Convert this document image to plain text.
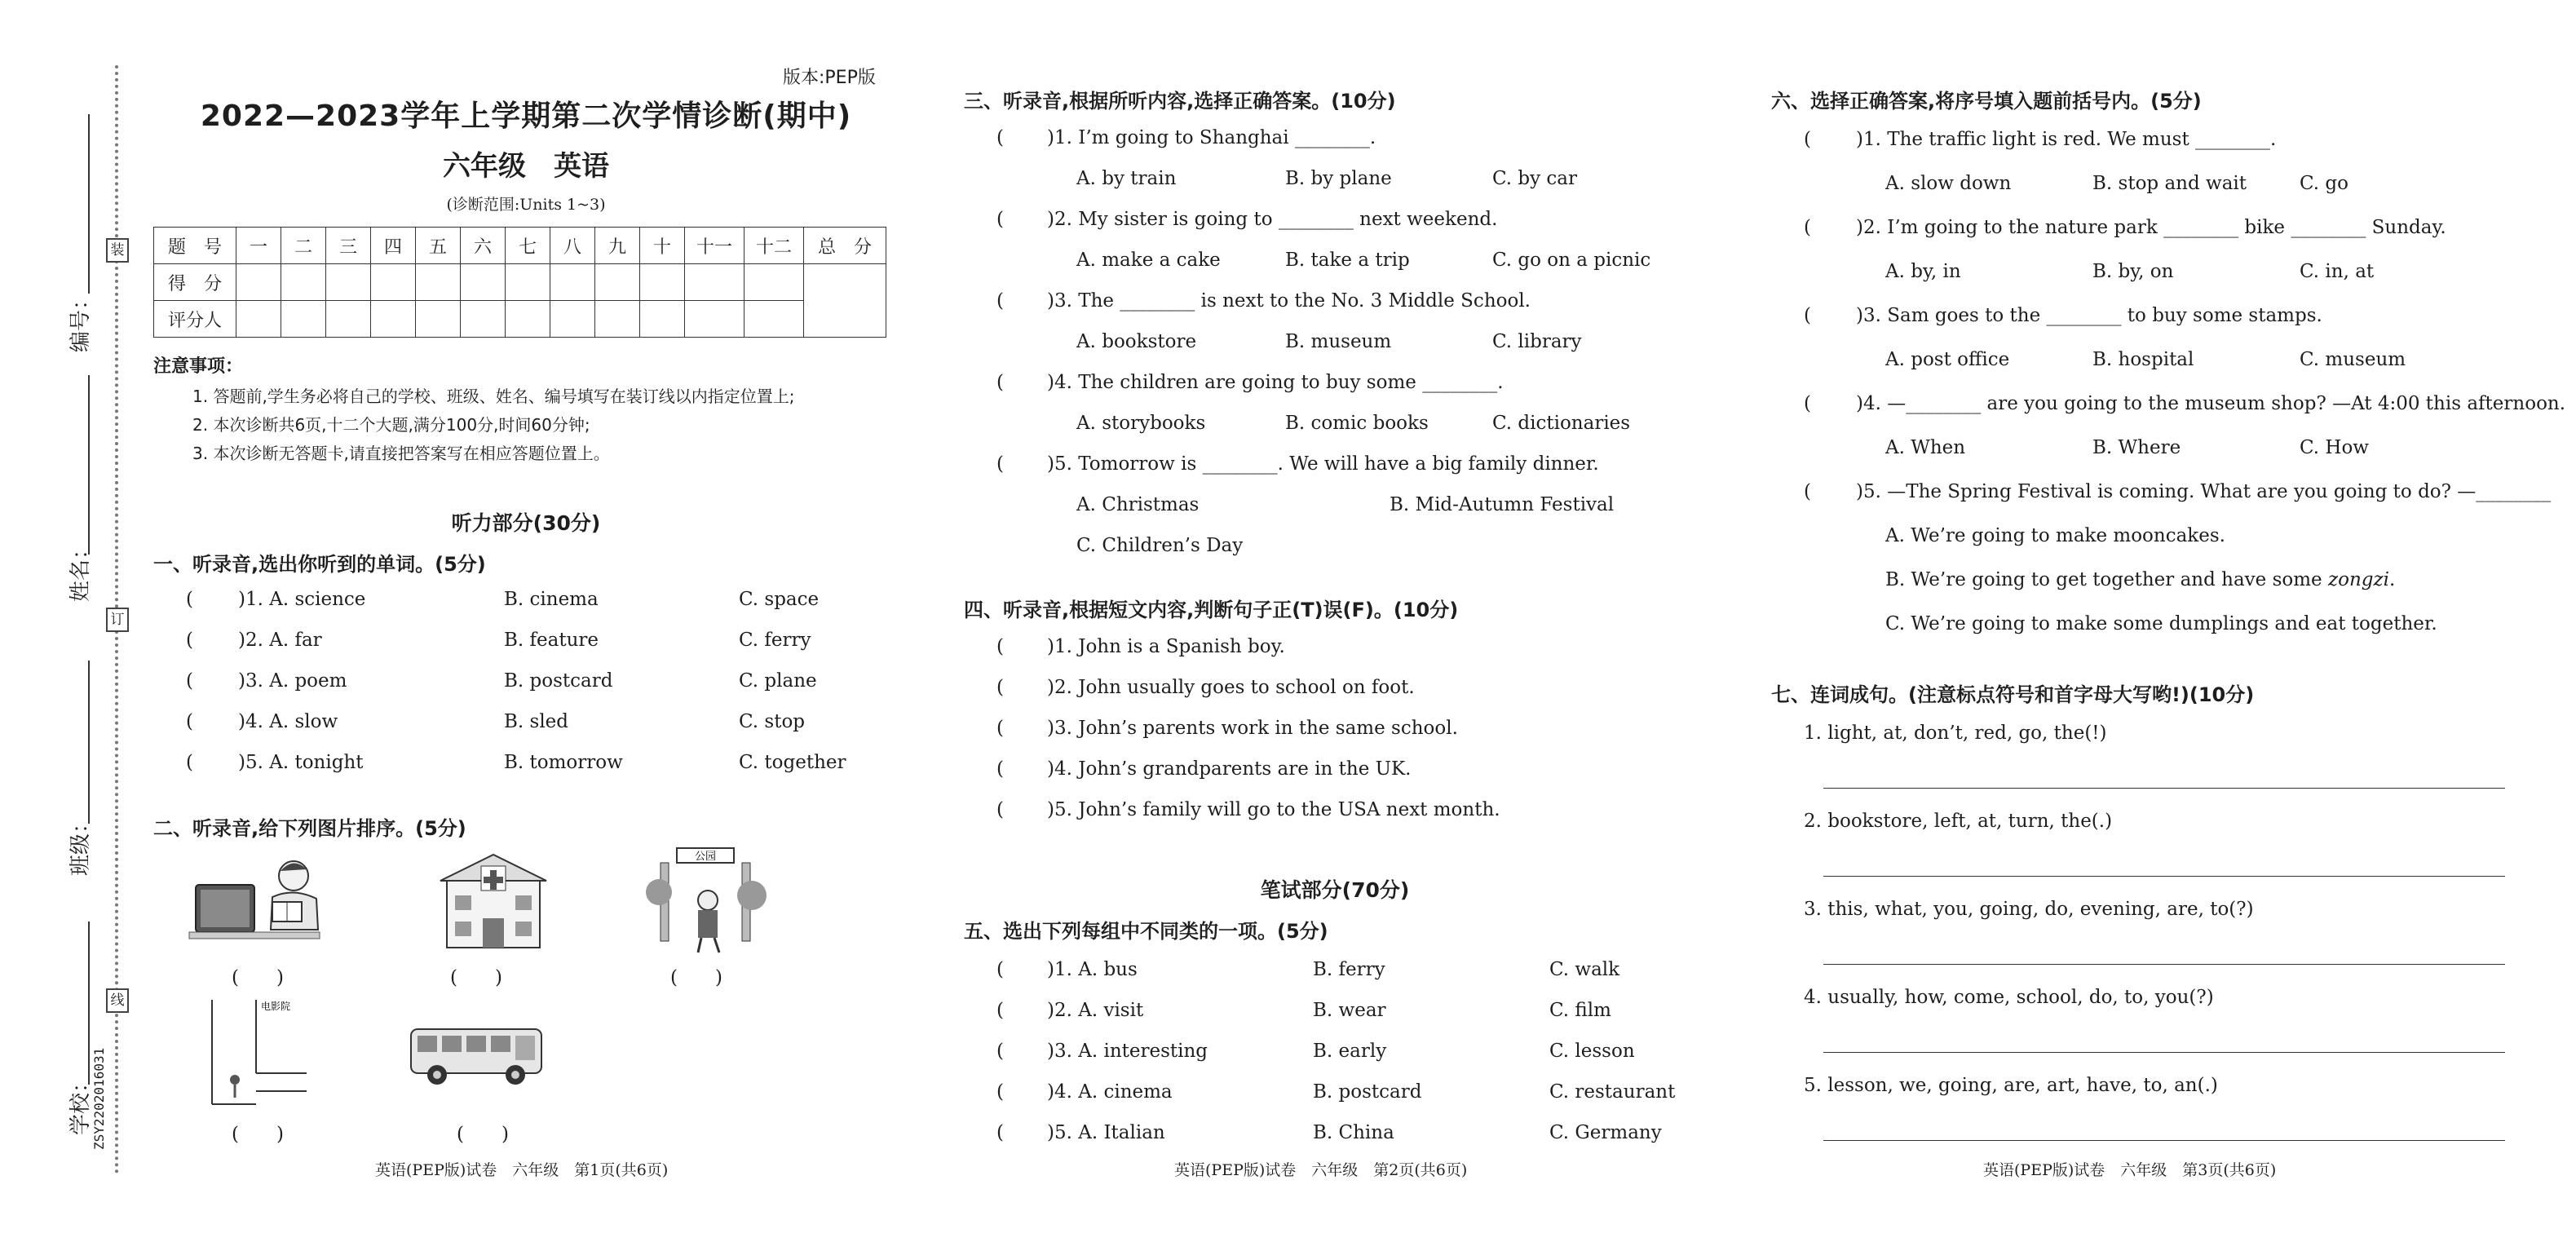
装
订
线
编号：
姓名：
班级：
学校：
ZSY2202016031
版本:PEP版
2022—2023学年上学期第二次学情诊断(期中)
六年级　英语
(诊断范围:Units 1~3)
题　号	一	二	三	四	五	六	七	八	九	十	十一	十二	总　分
得　分													
评分人													
注意事项：
1. 答题前,学生务必将自己的学校、班级、姓名、编号填写在装订线以内指定位置上;
2. 本次诊断共6页,十二个大题,满分100分,时间60分钟;
3. 本次诊断无答题卡,请直接把答案写在相应答题位置上。
听力部分(30分)
一、听录音,选出你听到的单词。(5分)
( )1. A. science	B. cinema	C. space
( )2. A. far	B. feature	C. ferry
( )3. A. poem	B. postcard	C. plane
( )4. A. slow	B. sled	C. stop
( )5. A. tonight	B. tomorrow	C. together
二、听录音,给下列图片排序。(5分)
(　　)	(　　)
公园
(　　)
电影院
(　　)	(　　)
英语(PEP版)试卷　六年级　第1页(共6页)
三、听录音,根据所听内容,选择正确答案。(10分)
( )1. I’m going to Shanghai ________.
A. by train	B. by plane	C. by car
( )2. My sister is going to ________ next weekend.
A. make a cake	B. take a trip	C. go on a picnic
( )3. The ________ is next to the No. 3 Middle School.
A. bookstore	B. museum	C. library
( )4. The children are going to buy some ________.
A. storybooks	B. comic books	C. dictionaries
( )5. Tomorrow is ________. We will have a big family dinner.
A. Christmas	B. Mid-Autumn Festival
C. Children’s Day
四、听录音,根据短文内容,判断句子正(T)误(F)。(10分)
( )1. John is a Spanish boy.
( )2. John usually goes to school on foot.
( )3. John’s parents work in the same school.
( )4. John’s grandparents are in the UK.
( )5. John’s family will go to the USA next month.
笔试部分(70分)
五、选出下列每组中不同类的一项。(5分)
( )1. A. bus	B. ferry	C. walk
( )2. A. visit	B. wear	C. film
( )3. A. interesting	B. early	C. lesson
( )4. A. cinema	B. postcard	C. restaurant
( )5. A. Italian	B. China	C. Germany
英语(PEP版)试卷　六年级　第2页(共6页)
六、选择正确答案,将序号填入题前括号内。(5分)
( )1. The traffic light is red. We must ________.
A. slow down	B. stop and wait	C. go
( )2. I’m going to the nature park ________ bike ________ Sunday.
A. by, in	B. by, on	C. in, at
( )3. Sam goes to the ________ to buy some stamps.
A. post office	B. hospital	C. museum
( )4. —________ are you going to the museum shop? —At 4:00 this afternoon.
A. When	B. Where	C. How
( )5. —The Spring Festival is coming. What are you going to do? —________
A. We’re going to make mooncakes.
B. We’re going to get together and have some zongzi.
C. We’re going to make some dumplings and eat together.
七、连词成句。(注意标点符号和首字母大写哟!)(10分)
1. light, at, don’t, red, go, the(!)
2. bookstore, left, at, turn, the(.)
3. this, what, you, going, do, evening, are, to(?)
4. usually, how, come, school, do, to, you(?)
5. lesson, we, going, are, art, have, to, an(.)
英语(PEP版)试卷　六年级　第3页(共6页)
